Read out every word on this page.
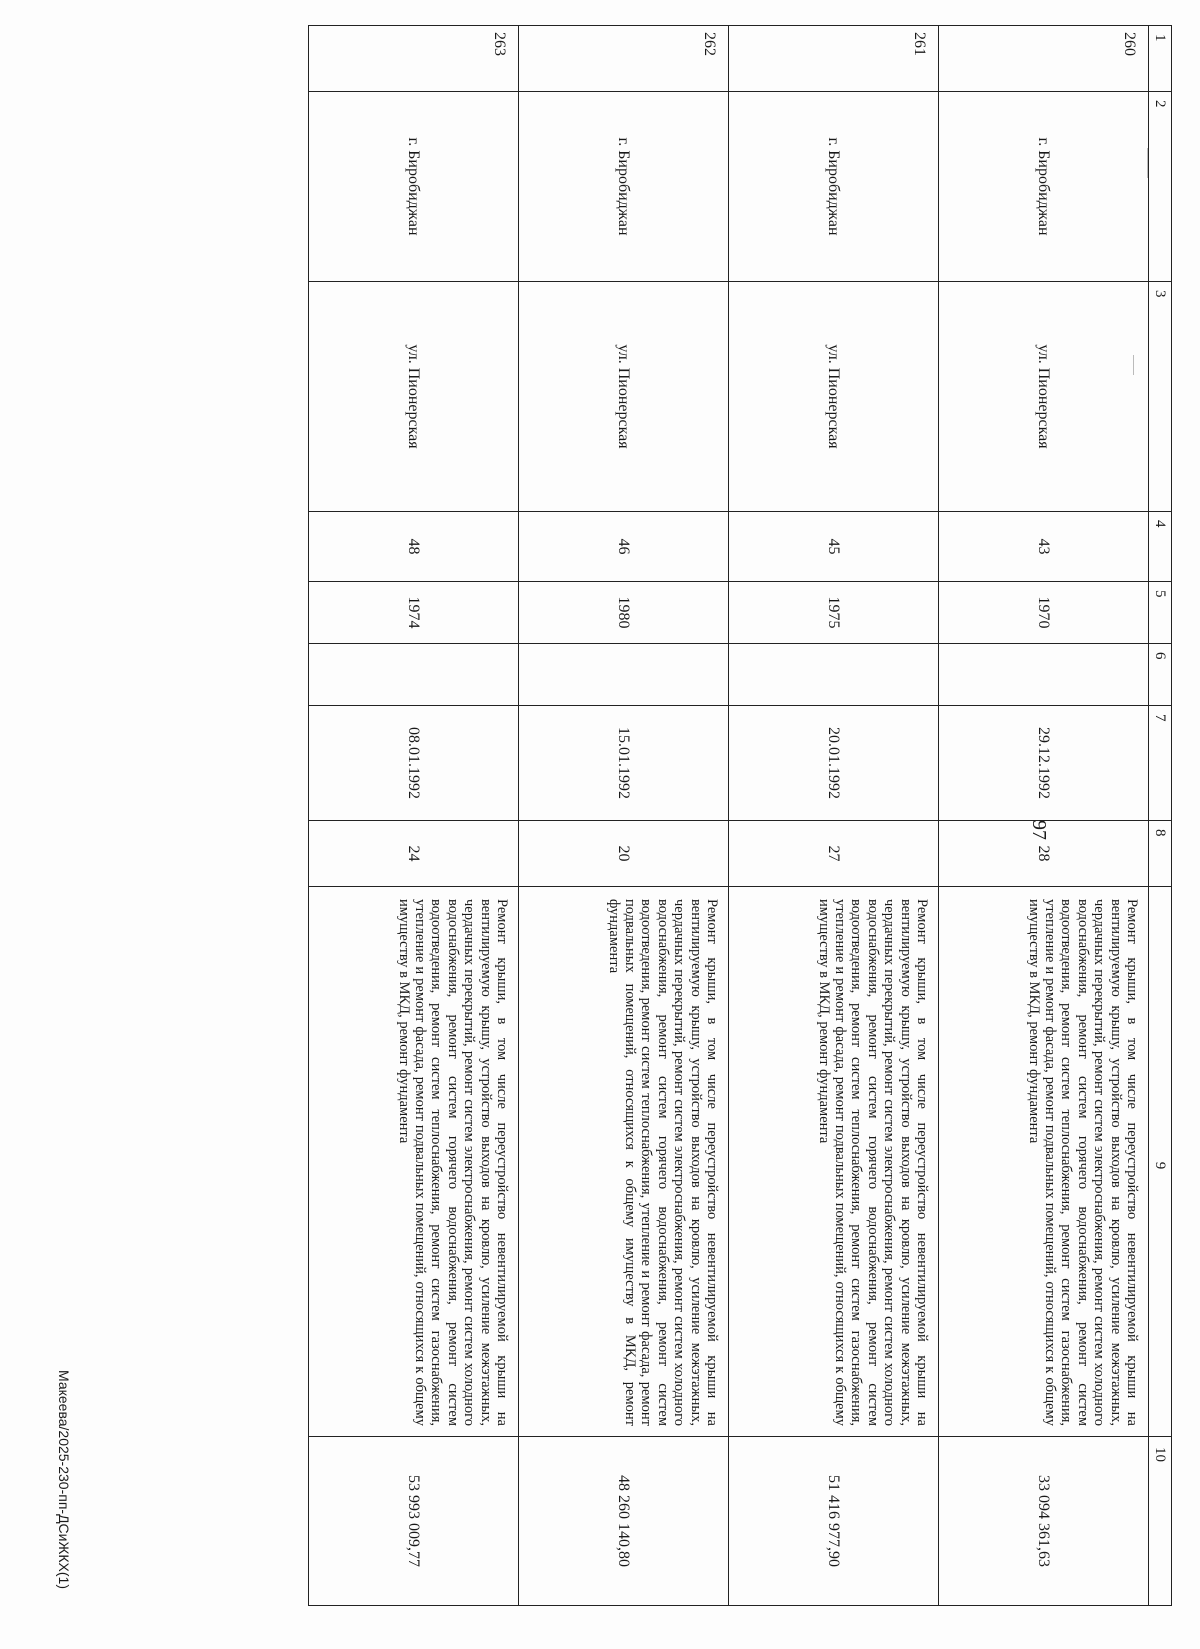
97
1	2	3	4	5	6	7	8	9	10
260	г. Биробиджан	ул. Пионерская	43	1970		29.12.1992	28	Ремонт крыши, в том числе переустройство невентилируемой крыши на вентилируемую крышу, устройство выходов на кровлю, усиление межэтажных, чердачных перекрытий, ремонт систем электроснабжения, ремонт систем холодного водоснабжения, ремонт систем горячего водоснабжения, ремонт систем водоотведения, ремонт систем теплоснабжения, ремонт систем газоснабжения, утепление и ремонт фасада, ремонт подвальных помещений, относящихся к общему имуществу в МКД, ремонт фундамента	33 094 361,63
261	г. Биробиджан	ул. Пионерская	45	1975		20.01.1992	27	Ремонт крыши, в том числе переустройство невентилируемой крыши на вентилируемую крышу, устройство выходов на кровлю, усиление межэтажных, чердачных перекрытий, ремонт систем электроснабжения, ремонт систем холодного водоснабжения, ремонт систем горячего водоснабжения, ремонт систем водоотведения, ремонт систем теплоснабжения, ремонт систем газоснабжения, утепление и ремонт фасада, ремонт подвальных помещений, относящихся к общему имуществу в МКД, ремонт фундамента	51 416 977,90
262	г. Биробиджан	ул. Пионерская	46	1980		15.01.1992	20	Ремонт крыши, в том числе переустройство невентилируемой крыши на вентилируемую крышу, устройство выходов на кровлю, усиление межэтажных, чердачных перекрытий, ремонт систем электроснабжения, ремонт систем холодного водоснабжения, ремонт систем горячего водоснабжения, ремонт систем водоотведения, ремонт систем теплоснабжения, утепление и ремонт фасада, ремонт подвальных помещений, относящихся к общему имуществу в МКД, ремонт фундамента	48 260 140,80
263	г. Биробиджан	ул. Пионерская	48	1974		08.01.1992	24	Ремонт крыши, в том числе переустройство невентилируемой крыши на вентилируемую крышу, устройство выходов на кровлю, усиление межэтажных, чердачных перекрытий, ремонт систем электроснабжения, ремонт систем холодного водоснабжения, ремонт систем горячего водоснабжения, ремонт систем водоотведения, ремонт систем теплоснабжения, ремонт систем газоснабжения, утепление и ремонт фасада, ремонт подвальных помещений, относящихся к общему имуществу в МКД, ремонт фундамента	53 993 009,77
Макеева/2025-230-пп-ДСиЖКХ(1)
